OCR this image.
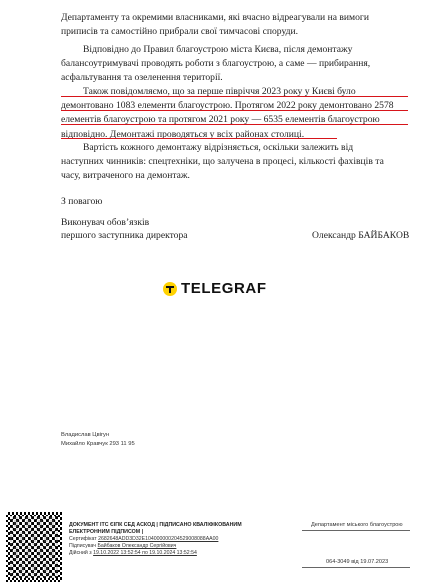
Департаменту та окремими власниками, які вчасно відреагували на вимоги
приписів та самостійно прибрали свої тимчасові споруди.
Відповідно до Правил благоустрою міста Києва, після демонтажу
балансоутримувачі проводять роботи з благоустрою, а саме — прибирання,
асфальтування та озеленення території.
Також повідомляємо, що за перше півріччя 2023 року у Києві було
демонтовано 1083 елементи благоустрою. Протягом 2022 року демонтовано 2578
елементів благоустрою та протягом 2021 року — 6535 елементів благоустрою
відповідно. Демонтажі проводяться у всіх районах столиці.
Вартість кожного демонтажу відрізняється, оскільки залежить від
наступних чинників: спецтехніки, що залучена в процесі, кількості фахівців та
часу, витраченого на демонтаж.
З повагою
Виконувач обов’язків
першого заступника директора	Олександр БАЙБАКОВ
TELEGRAF
Владислав Цвігун
Михайло Кравчук 293 11 95
ДОКУМЕНТ ІТС ЄІПК СЕД АСКОД | ПІДПИСАНО КВАЛІФІКОВАНИМ
ЕЛЕКТРОННИМ ПІДПИСОМ |
Сертифікат 2682648ADD3D32E104000000204529008088AA00
Підписувач Байбаков Олександр Сергійович
Дійсний з 19.10.2022 13:52:54 по 19.10.2024 13:52:54
Департамент міського благоустрою
064-3049 від 19.07.2023
